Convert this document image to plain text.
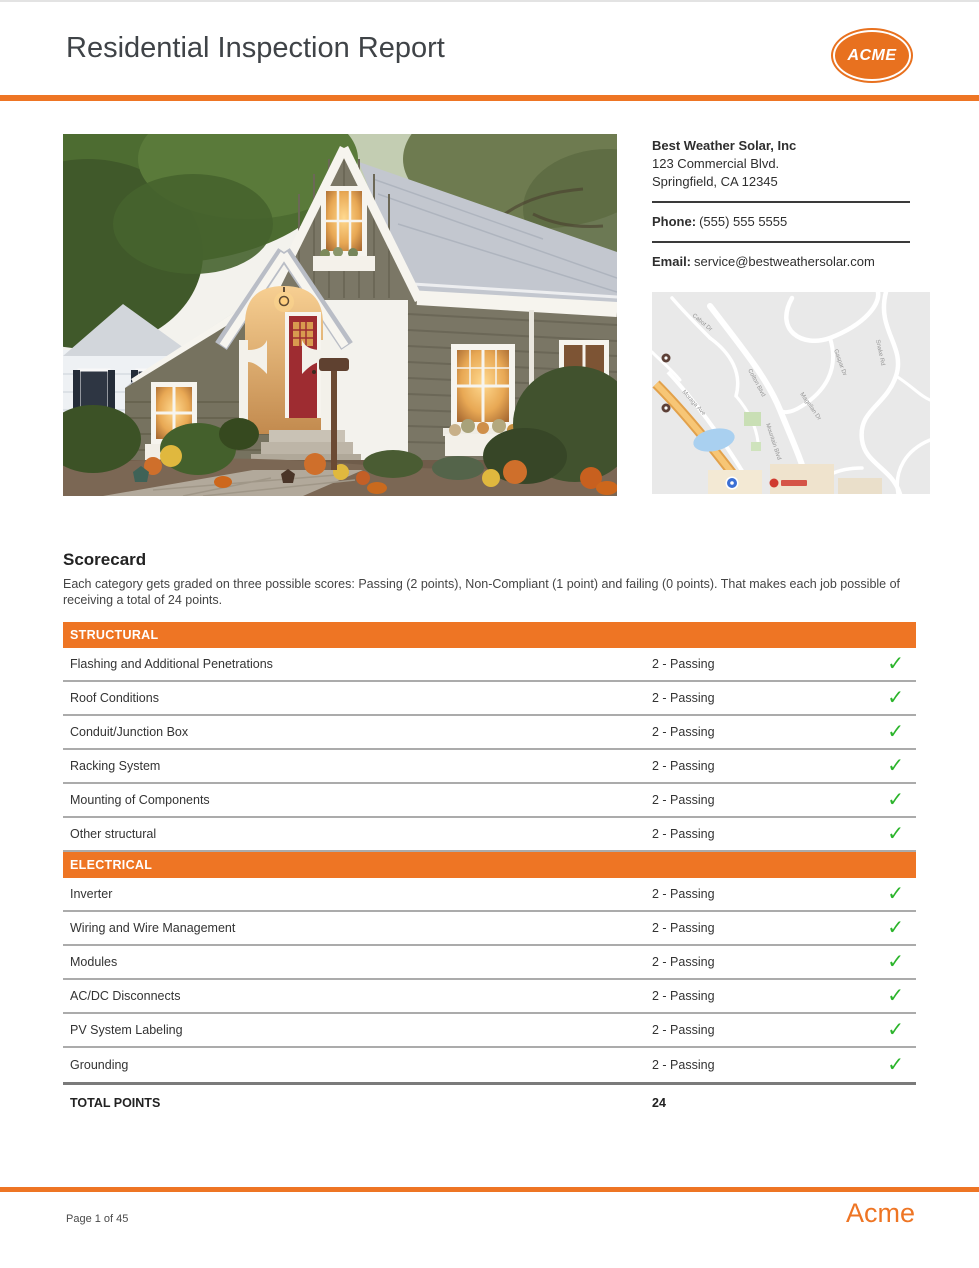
Residential Inspection Report	ACME

Best Weather Solar, Inc

123 Commercial Blvd.

Springfield, CA 12345

Phone: (555) 555 5555

Email: service@bestweathersolar.com

Moraga Ave
Mountain Blvd
Colton Blvd
Magellan Dr
Snake Rd
Cabot Dr
Gaspar Dr
Scorecard

Each category gets graded on three possible scores: Passing (2 points), Non-Compliant (1 point) and failing (0 points). That makes each job possible of receiving a total of 24 points.

STRUCTURAL
Flashing and Additional Penetrations	2 - Passing	✓
Roof Conditions	2 - Passing	✓
Conduit/Junction Box	2 - Passing	✓
Racking System	2 - Passing	✓
Mounting of Components	2 - Passing	✓
Other structural	2 - Passing	✓
ELECTRICAL
Inverter	2 - Passing	✓
Wiring and Wire Management	2 - Passing	✓
Modules	2 - Passing	✓
AC/DC Disconnects	2 - Passing	✓
PV System Labeling	2 - Passing	✓
Grounding	2 - Passing	✓
TOTAL POINTS	24
Page 1 of 45	Acme
